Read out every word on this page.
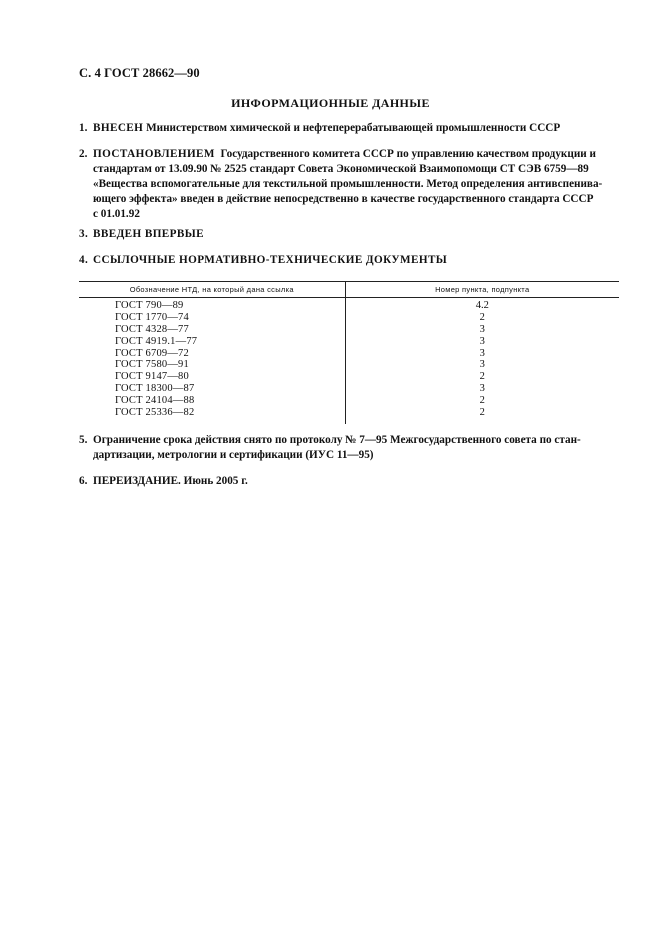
С. 4 ГОСТ 28662—90
ИНФОРМАЦИОННЫЕ ДАННЫЕ
1. ВНЕСЕН Министерством химической и нефтеперерабатывающей промышленности СССР
2. ПОСТАНОВЛЕНИЕМ  Государственного комитета СССР по управлению качеством продукции и
стандартам от 13.09.90 № 2525 стандарт Совета Экономической Взаимопомощи СТ СЭВ 6759—89
«Вещества вспомогательные для текстильной промышленности. Метод определения антивспенива-
ющего эффекта» введен в действие непосредственно в качестве государственного стандарта СССР
с 01.01.92
3. ВВЕДЕН ВПЕРВЫЕ
4. ССЫЛОЧНЫЕ НОРМАТИВНО-ТЕХНИЧЕСКИЕ ДОКУМЕНТЫ
Обозначение НТД, на который дана ссылка	Номер пункта, подпункта
ГОСТ 790—89
ГОСТ 1770—74
ГОСТ 4328—77
ГОСТ 4919.1—77
ГОСТ 6709—72
ГОСТ 7580—91
ГОСТ 9147—80
ГОСТ 18300—87
ГОСТ 24104—88
ГОСТ 25336—82
4.2
2
3
3
3
3
2
3
2
2
5. Ограничение срока действия снято по протоколу № 7—95 Межгосударственного совета по стан-
дартизации, метрологии и сертификации (ИУС 11—95)
6. ПЕРЕИЗДАНИЕ. Июнь 2005 г.
